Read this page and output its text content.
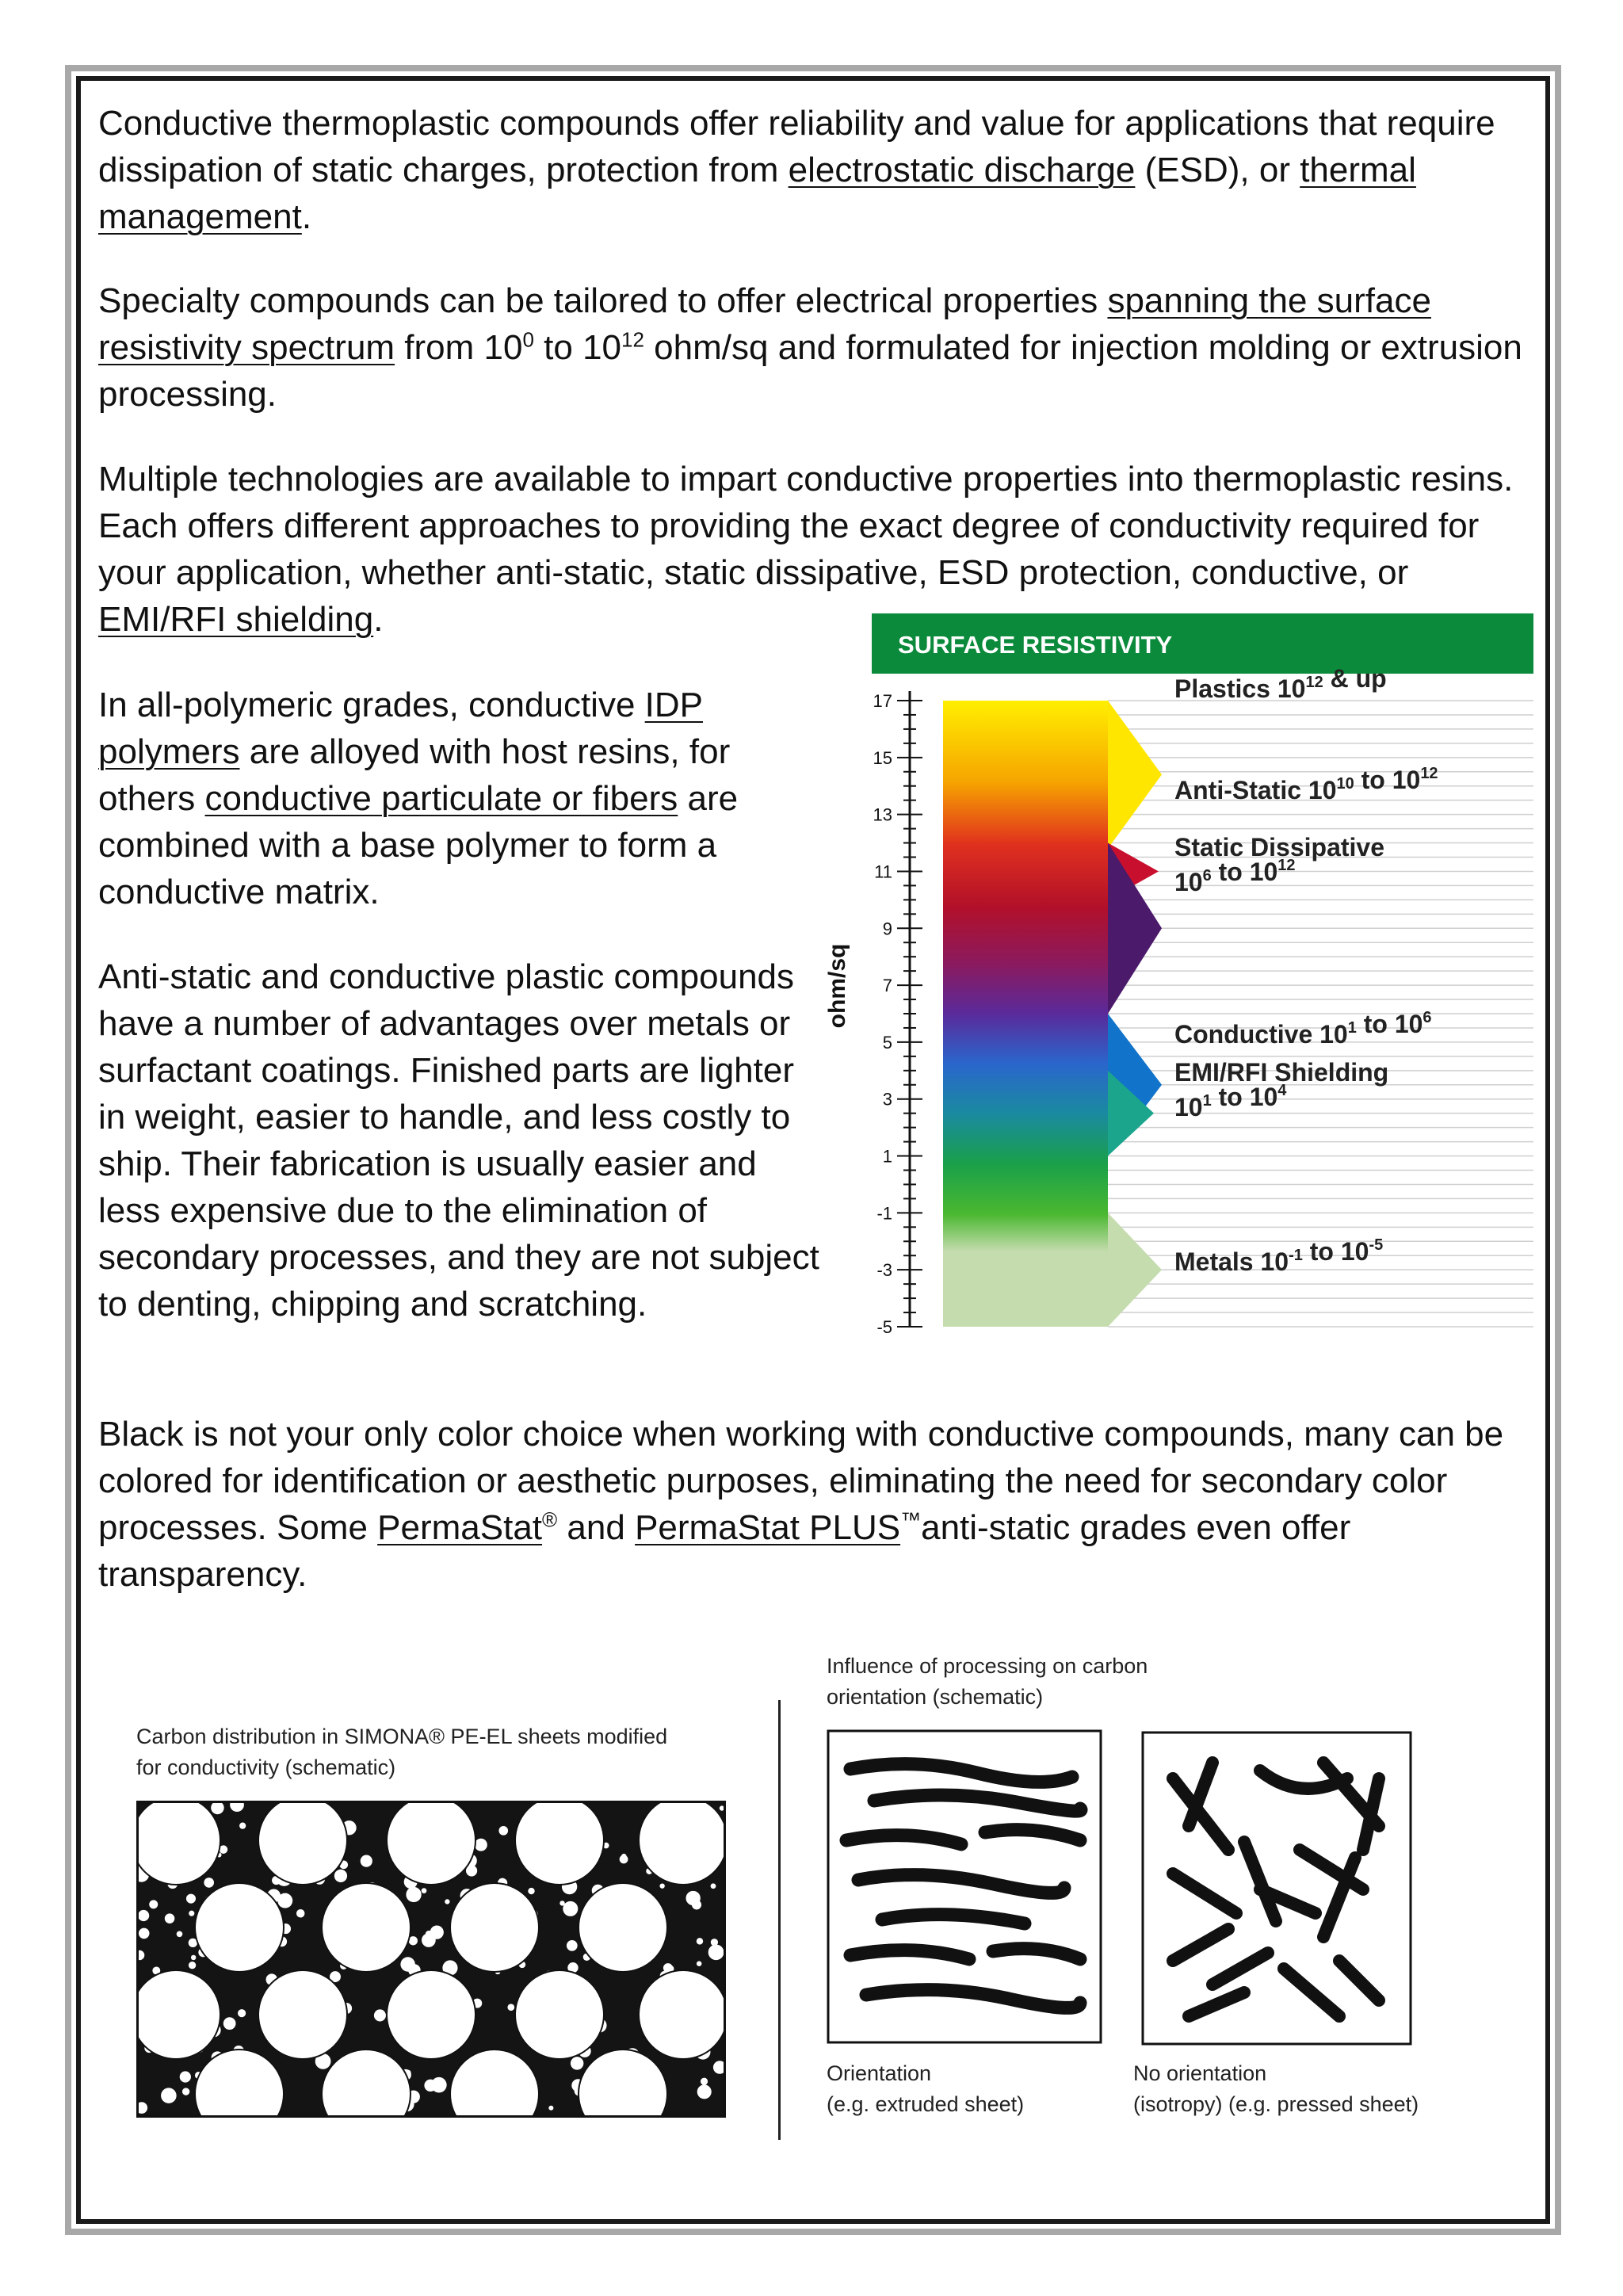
Conductive thermoplastic compounds offer reliability and value for applications that require dissipation of static charges, protection from electrostatic discharge (ESD), or thermal management.

Specialty compounds can be tailored to offer electrical properties spanning the surface resistivity spectrum from $10^0$ to $10^{12}$ ohm/sq and formulated for injection molding or extrusion processing.

Multiple technologies are available to impart conductive properties into thermoplastic resins. Each offers different approaches to providing the exact degree of conductivity required for your application, whether anti-static, static dissipative, ESD protection, conductive, or EMI/RFI shielding.

In all-polymeric grades, conductive IDP polymers are alloyed with host resins, for others conductive particulate or fibers are combined with a base polymer to form a conductive matrix.

Anti-static and conductive plastic compounds have a number of advantages over metals or surfactant coatings. Finished parts are lighter in weight, easier to handle, and less costly to ship. Their fabrication is usually easier and less expensive due to the elimination of secondary processes, and they are not subject to denting, chipping and scratching.

Black is not your only color choice when working with conductive compounds, many can be colored for identification or aesthetic purposes, eliminating the need for secondary color processes. Some PermaStat® and PermaStat PLUS™anti-static grades even offer transparency.

SURFACE RESISTIVITY
ohm/sq
17
15
13
11
9
7
5
3
1
-1
-3
-5
Plastics $10^{12}$ & up
Anti-Static $10^{10}$ to $10^{12}$
Static Dissipative
$10^6$ to $10^{12}$
Conductive $10^1$ to $10^6$
EMI/RFI Shielding
$10^1$ to $10^4$
Metals $10^{-1}$ to $10^{-5}$
Carbon distribution in SIMONA® PE-EL sheets modified
for conductivity (schematic)
Influence of processing on carbon
orientation (schematic)
Orientation
(e.g. extruded sheet)
No orientation
(isotropy) (e.g. pressed sheet)
